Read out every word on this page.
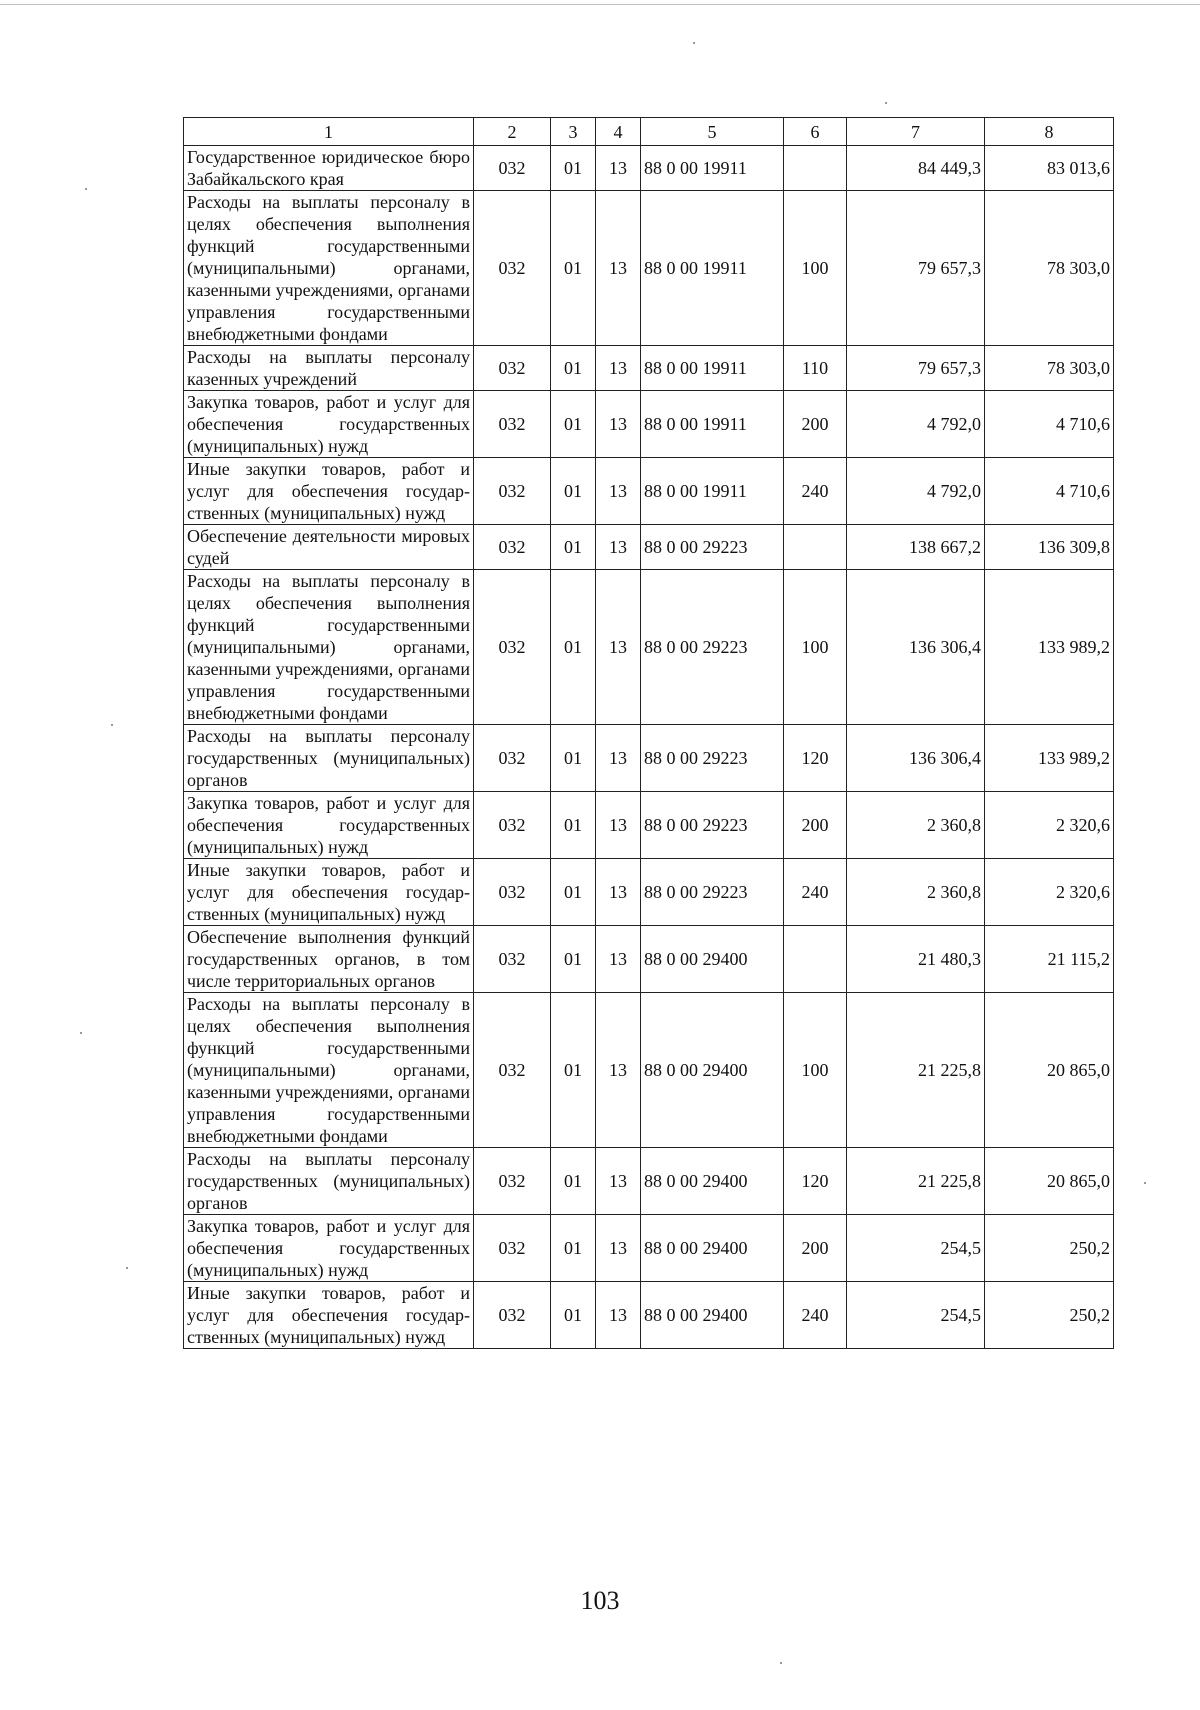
1	2	3	4	5	6	7	8
Государственное юридическое бюро Забайкальского края	032	01	13	88 0 00 19911		84 449,3	83 013,6
Расходы на выплаты персоналу в целях обеспечения выполнения функций государственными (муниципальными) органами, казенными учреждениями, органами управления государственными внебюджетными фондами	032	01	13	88 0 00 19911	100	79 657,3	78 303,0
Расходы на выплаты персоналу казенных учреждений	032	01	13	88 0 00 19911	110	79 657,3	78 303,0
Закупка товаров, работ и услуг для обеспечения государственных (муниципальных) нужд	032	01	13	88 0 00 19911	200	4 792,0	4 710,6
Иные закупки товаров, работ и услуг для обеспечения государственных (муниципальных) нужд	032	01	13	88 0 00 19911	240	4 792,0	4 710,6
Обеспечение деятельности мировых судей	032	01	13	88 0 00 29223		138 667,2	136 309,8
Расходы на выплаты персоналу в целях обеспечения выполнения функций государственными (муниципальными) органами, казенными учреждениями, органами управления государственными внебюджетными фондами	032	01	13	88 0 00 29223	100	136 306,4	133 989,2
Расходы на выплаты персоналу государственных (муниципальных) органов	032	01	13	88 0 00 29223	120	136 306,4	133 989,2
Закупка товаров, работ и услуг для обеспечения государственных (муниципальных) нужд	032	01	13	88 0 00 29223	200	2 360,8	2 320,6
Иные закупки товаров, работ и услуг для обеспечения государственных (муниципальных) нужд	032	01	13	88 0 00 29223	240	2 360,8	2 320,6
Обеспечение выполнения функций государственных органов, в том числе территориальных органов	032	01	13	88 0 00 29400		21 480,3	21 115,2
Расходы на выплаты персоналу в целях обеспечения выполнения функций государственными (муниципальными) органами, казенными учреждениями, органами управления государственными внебюджетными фондами	032	01	13	88 0 00 29400	100	21 225,8	20 865,0
Расходы на выплаты персоналу государственных (муниципальных) органов	032	01	13	88 0 00 29400	120	21 225,8	20 865,0
Закупка товаров, работ и услуг для обеспечения государственных (муниципальных) нужд	032	01	13	88 0 00 29400	200	254,5	250,2
Иные закупки товаров, работ и услуг для обеспечения государственных (муниципальных) нужд	032	01	13	88 0 00 29400	240	254,5	250,2
103
